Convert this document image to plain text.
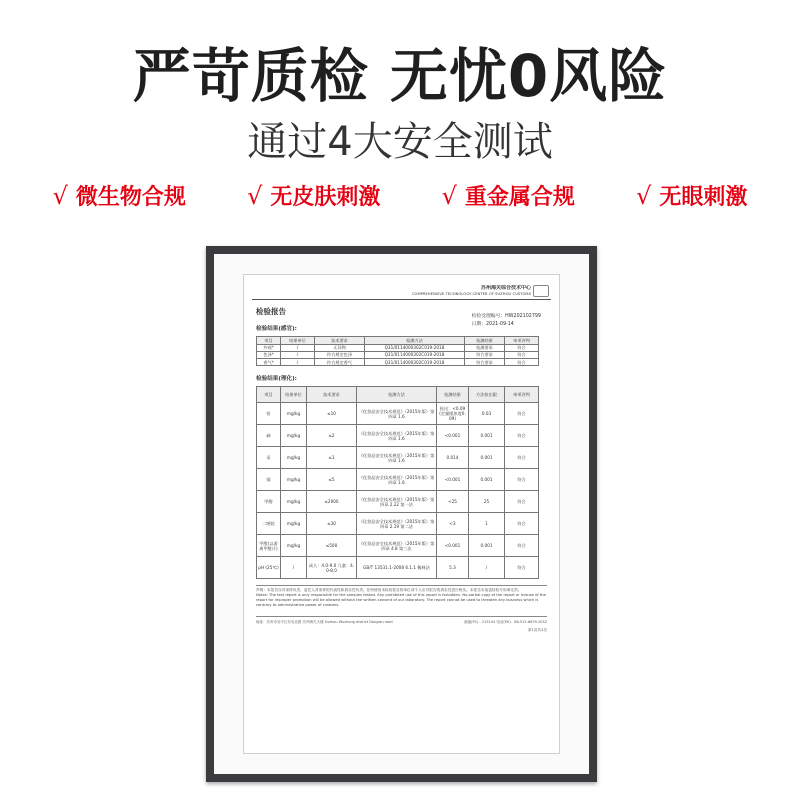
严苛质检 无忧0风险
通过4大安全测试
√ 微生物合规	√ 无皮肤刺激	√ 重金属合规	√ 无眼刺激
苏州海关综合技术中心
COMPREHENSIVE TECHNOLOGY CENTER OF SUZHOU CUSTOMS
检验报告
检验受理编号：HW202102799
日期：2021-09-14
检验结果(感官):
项目	结果单位	技术要求	检测方法	检测结果	单项评判
外观*	/	无异物	Q31/0114000302C019-2018	检测要求	符合
色泽*	/	符合规定色泽	Q31/0114000302C019-2018	符合要求	符合
香气*	/	符合规定香气	Q31/0114000302C019-2018	符合要求	符合
检验结果(理化):
项目	结果单位	技术要求	检测方法	检测结果	方法检出限	单项评判
铅	mg/kg	≤10	《化妆品安全技术规范》（2015年版）第四章 1.6	检出：<0.09(定量限浓度0.09)	0.03	符合
砷	mg/kg	≤2	《化妆品安全技术规范》（2015年版）第四章 1.6	<0.001	0.001	符合
汞	mg/kg	≤1	《化妆品安全技术规范》（2015年版）第四章 1.6	0.014	0.001	符合
镉	mg/kg	≤5	《化妆品安全技术规范》（2015年版）第四章 1.6	<0.001	0.001	符合
甲醇	mg/kg	≤2000	《化妆品安全技术规范》（2015年版）第四章 2.22 第一法	<25	25	符合
二噁烷	mg/kg	≤30	《化妆品安全技术规范》（2015年版）第四章 2.19 第二法	<3	1	符合
甲醛(以游离甲醛计)	mg/kg	≤500	《化妆品安全技术规范》（2015年版）第四章 4.8 第三法	<0.001	0.001	符合
pH (25℃)	/	成人：4.0-9.0 儿童：4.0-8.0	GB/T 13531.1-2008 6.1.1 稀释法	5.3	/	符合
声明：本报告仅对来样负责，委托人对来样的代表性和真实性负责。任何使用本检验报告的单位或个人应对报告的真实性进行核实。本报告未加盖检验专用章无效。
Notes: The test report is only responsible for the samples tested. Any prohibited use of this report is forbidden. No partial copy of the report or misuse of the report for improper promotion will be allowed without the written consent of our laboratory. The report cannot be used to threaten any business which is contrary to administrative power of customs.
地址：苏州市吴中区东吴北路 苏州海关大楼 Suzhou Wuzhong district Dongwu road	邮编(PC)：215104 电话(Tel)：86-512-6639-2052
第1页共4页
